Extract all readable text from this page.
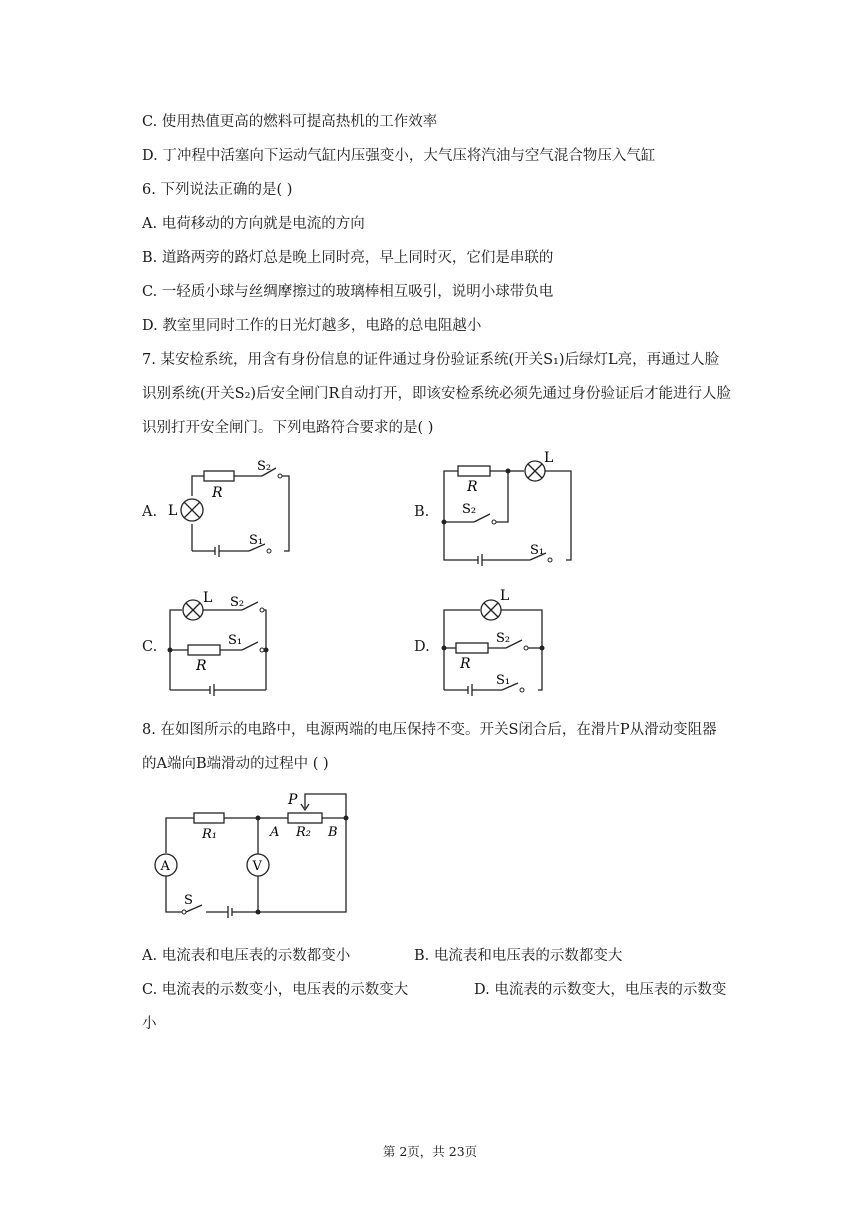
C. 使用热值更高的燃料可提高热机的工作效率
D. 丁冲程中活塞向下运动气缸内压强变小，大气压将汽油与空气混合物压入气缸
6. 下列说法正确的是( )
A. 电荷移动的方向就是电流的方向
B. 道路两旁的路灯总是晚上同时亮，早上同时灭，它们是串联的
C. 一轻质小球与丝绸摩擦过的玻璃棒相互吸引，说明小球带负电
D. 教室里同时工作的日光灯越多，电路的总电阻越小
7. 某安检系统，用含有身份信息的证件通过身份验证系统(开关S₁)后绿灯L亮，再通过人脸
识别系统(开关S₂)后安全闸门R自动打开，即该安检系统必须先通过身份验证后才能进行人脸
识别打开安全闸门。下列电路符合要求的是( )
A.
R
S₂
L
S₁
B.
R
L
S₂
S₁
C.
L S₂
S₁
R
D.
L
S₂
R
S₁
8. 在如图所示的电路中，电源两端的电压保持不变。开关S闭合后，在滑片P从滑动变阻器
的A端向B端滑动的过程中 ( )
P
R₁	A R₂ B
A	V
S
A. 电流表和电压表的示数都变小	B. 电流表和电压表的示数都变大
C. 电流表的示数变小，电压表的示数变大	D. 电流表的示数变大，电压表的示数变
小
第 2页，共 23页
